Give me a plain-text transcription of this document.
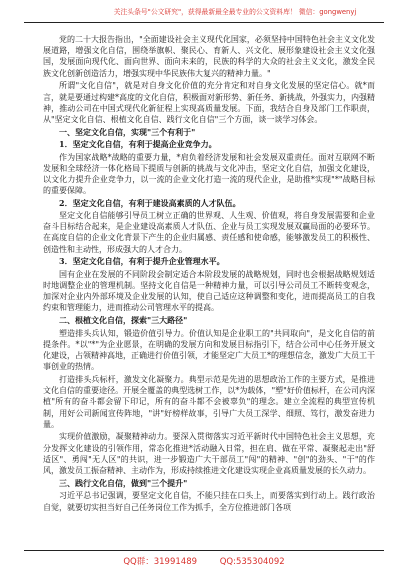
关注头条号"公文研究"，获得最新最全最专业的公文资料库！ 微信：gongwenyj

党的二十大报告指出，"全面建设社会主义现代化国家，必须坚持中国特色社会主义文化发展道路，增强文化自信，围绕举旗帜、聚民心、育新人、兴文化、展形象建设社会主义文化强国，发展面向现代化、面向世界、面向未来的，民族的科学的大众的社会主义文化，激发全民族文化创新创造活力，增强实现中华民族伟大复兴的精神力量。"

所谓"文化自信"，就是对自身文化价值的充分肯定和对自身文化发展的坚定信心。就*而言，就是要通过构建*高度的文化自信，积极面对新形势、新任务、新挑战，外强实力，内强精神，推动公司在中国式现代化新征程上实现高质量发展。下面，我结合自身及部门工作职责，从"坚定文化自信、根植文化自信、践行文化自信"三个方面，谈一谈学习体会。

一、坚定文化自信，实现"三个有利于"

1．坚定文化自信，有利于提高企业竞争力。

作为国家战略*战略的重要力量，*肩负着经济发展和社会发展双重责任。面对互联网不断发展和全球经济一体化格局下提质与创新的挑战与文化冲击，坚定文化自信，加强文化建设，以文化力提升企业竞争力，以一流的企业文化打造一流的现代企业，是助推*实现"*"战略目标的重要保障。

2．坚定文化自信，有利于建设高素质的人才队伍。

坚定文化自信能够引导员工树立正确的世界观、人生观、价值观，将自身发展需要和企业奋斗目标结合起来，是企业建设高素质人才队伍、企业与员工实现发展双赢局面的必要环节。在高度自信的企业文化背景下产生的企业归属感、责任感和使命感，能够激发员工的积极性、创造性和主动性，形成强大的人才合力。

3．坚定文化自信，有利于提升企业管理水平。

国有企业在发展的不同阶段会制定适合本阶段发展的战略规划，同时也会根据战略规划适时地调整企业的管理机制。坚持文化自信是一种精神力量，可以引导公司员工不断转变观念，加深对企业内外部环境及企业发展的认知，使自己适应这种调整和变化，进而提高员工的自我约束和管理能力，进而推动公司管理水平的提高。

二、根植文化自信，探索"三大路径"

塑造排头兵认知，锻造价值引导力。价值认知是企业职工的"共同取向"，是文化自信的前提条件。*以"*"为企业愿景，在明确的发展方向和发展目标指引下，结合公司中心任务开展文化建设，占领精神高地，正确进行价值引领，才能坚定广大员工*的理想信念，激发广大员工干事创业的热情。

打造排头兵标杆，激发文化凝聚力。典型示范是先进的思想政治工作的主要方式，是推进文化自信的重要途径。开展全覆盖的典型选树工作，以*为载体，"塑"好价值标杆，在公司内深植"所有的奋斗都会留下印记，所有的奋斗都不会被辜负"的理念。建立全流程的典型宣传机制，用好公司新闻宣传阵地，"讲"好榜样故事，引导广大员工深学、细照、笃行，激发奋进力量。

实现价值激励，凝聚精神动力。要深入贯彻落实习近平新时代中国特色社会主义思想，充分发挥文化建设的引领作用，常态化推进*活动融入日常，担在肩、做在平常、凝聚起走出"舒适区"、勇闯"无人区"的共识，进一步锻造广大干部员工"闯"的精神、"创"的劲头、"干"的作风，激发员工振奋精神、主动作为，形成持续推进文化建设实现企业高质量发展的长久动力。

三、践行文化自信，做到"三个提升"

习近平总书记强调，要坚定文化自信，不能只挂在口头上，而要落实到行动上。践行政治自觉，就要切实担当好自己任务岗位工作为抓手，全方位推进部门各项

QQ群：31991489	QQ:535304092
